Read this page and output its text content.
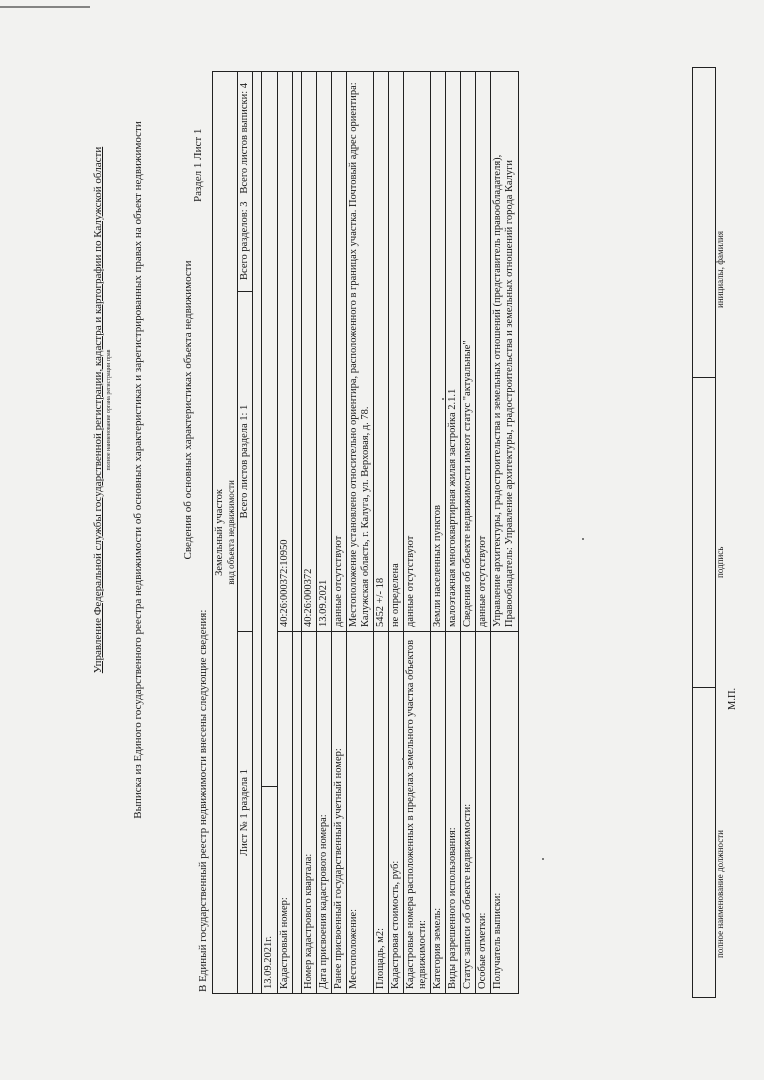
Управление Федеральной службы государственной регистрации, кадастра и картографии по Калужской области полное наименование органа регистрации прав Выписка из Единого государственного реестра недвижимости об основных характеристиках и зарегистрированных правах на объект недвижимости	Сведения об основных характеристиках объекта недвижимости
Раздел 1 Лист 1
В Единый государственный реестр недвижимости внесены следующие сведения:
Земельный участок вид объекта недвижимости			

Лист № 1 раздела 1		Всего листов раздела 1: 1	Всего разделов: 3   Всего листов выписки: 4

13.09.2021г.			
Кадастровый номер:		40:26:000372:10950	

Номер кадастрового квартала:		40:26:000372	
Дата присвоения кадастрового номера:		13.09.2021	
Ранее присвоенный государственный учетный номер:		данные отсутствуют	
Местоположение:		Местоположение установлено относительно ориентира, расположенного в границах участка. Почтовый адрес ориентира: Калужская область, г. Калуга, ул. Верховая, д. 78.	
Площадь, м2:		5452 +/- 18	
Кадастровая стоимость, руб:		не определена	
Кадастровые номера расположенных в пределах земельного участка объектов недвижимости:		данные отсутствуют	
Категория земель:		Земли населенных пунктов	
Виды разрешенного использования:		малоэтажная многоквартирная жилая застройка 2.1.1	
Статус записи об объекте недвижимости:		Сведения об объекте недвижимости имеют статус "актуальные"	
Особые отметки:		данные отсутствуют	
Получатель выписки:		Управление архитектуры, градостроительства и земельных отношений (представитель правообладателя), Правообладатель: Управление архитектуры, градостроительства и земельных отношений города Калуги	

полное наименование должности
подпись
инициалы, фамилия
М.П.
